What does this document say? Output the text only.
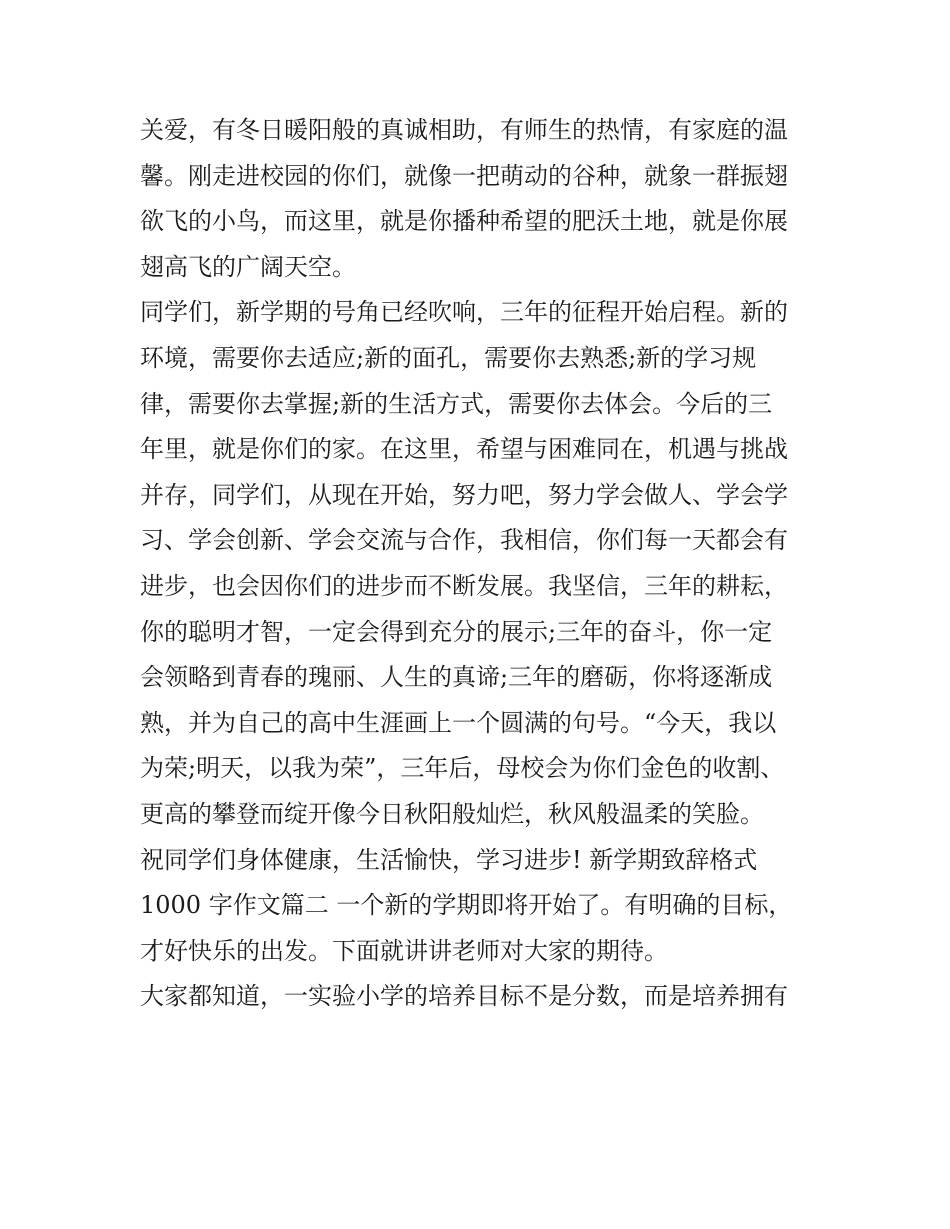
关爱，有冬日暖阳般的真诚相助，有师生的热情，有家庭的温
馨。刚走进校园的你们，就像一把萌动的谷种，就象一群振翅
欲飞的小鸟，而这里，就是你播种希望的肥沃土地，就是你展
翅高飞的广阔天空。
同学们，新学期的号角已经吹响，三年的征程开始启程。新的
环境，需要你去适应;新的面孔，需要你去熟悉;新的学习规
律，需要你去掌握;新的生活方式，需要你去体会。今后的三
年里，就是你们的家。在这里，希望与困难同在，机遇与挑战
并存，同学们，从现在开始，努力吧，努力学会做人、学会学
习、学会创新、学会交流与合作，我相信，你们每一天都会有
进步，也会因你们的进步而不断发展。我坚信，三年的耕耘，
你的聪明才智，一定会得到充分的展示;三年的奋斗，你一定
会领略到青春的瑰丽、人生的真谛;三年的磨砺，你将逐渐成
熟，并为自己的高中生涯画上一个圆满的句号。“今天，我以
为荣;明天，以我为荣”，三年后，母校会为你们金色的收割、
更高的攀登而绽开像今日秋阳般灿烂，秋风般温柔的笑脸。
祝同学们身体健康，生活愉快，学习进步! 新学期致辞格式
1000 字作文篇二 一个新的学期即将开始了。有明确的目标，
才好快乐的出发。下面就讲讲老师对大家的期待。
大家都知道，一实验小学的培养目标不是分数，而是培养拥有
